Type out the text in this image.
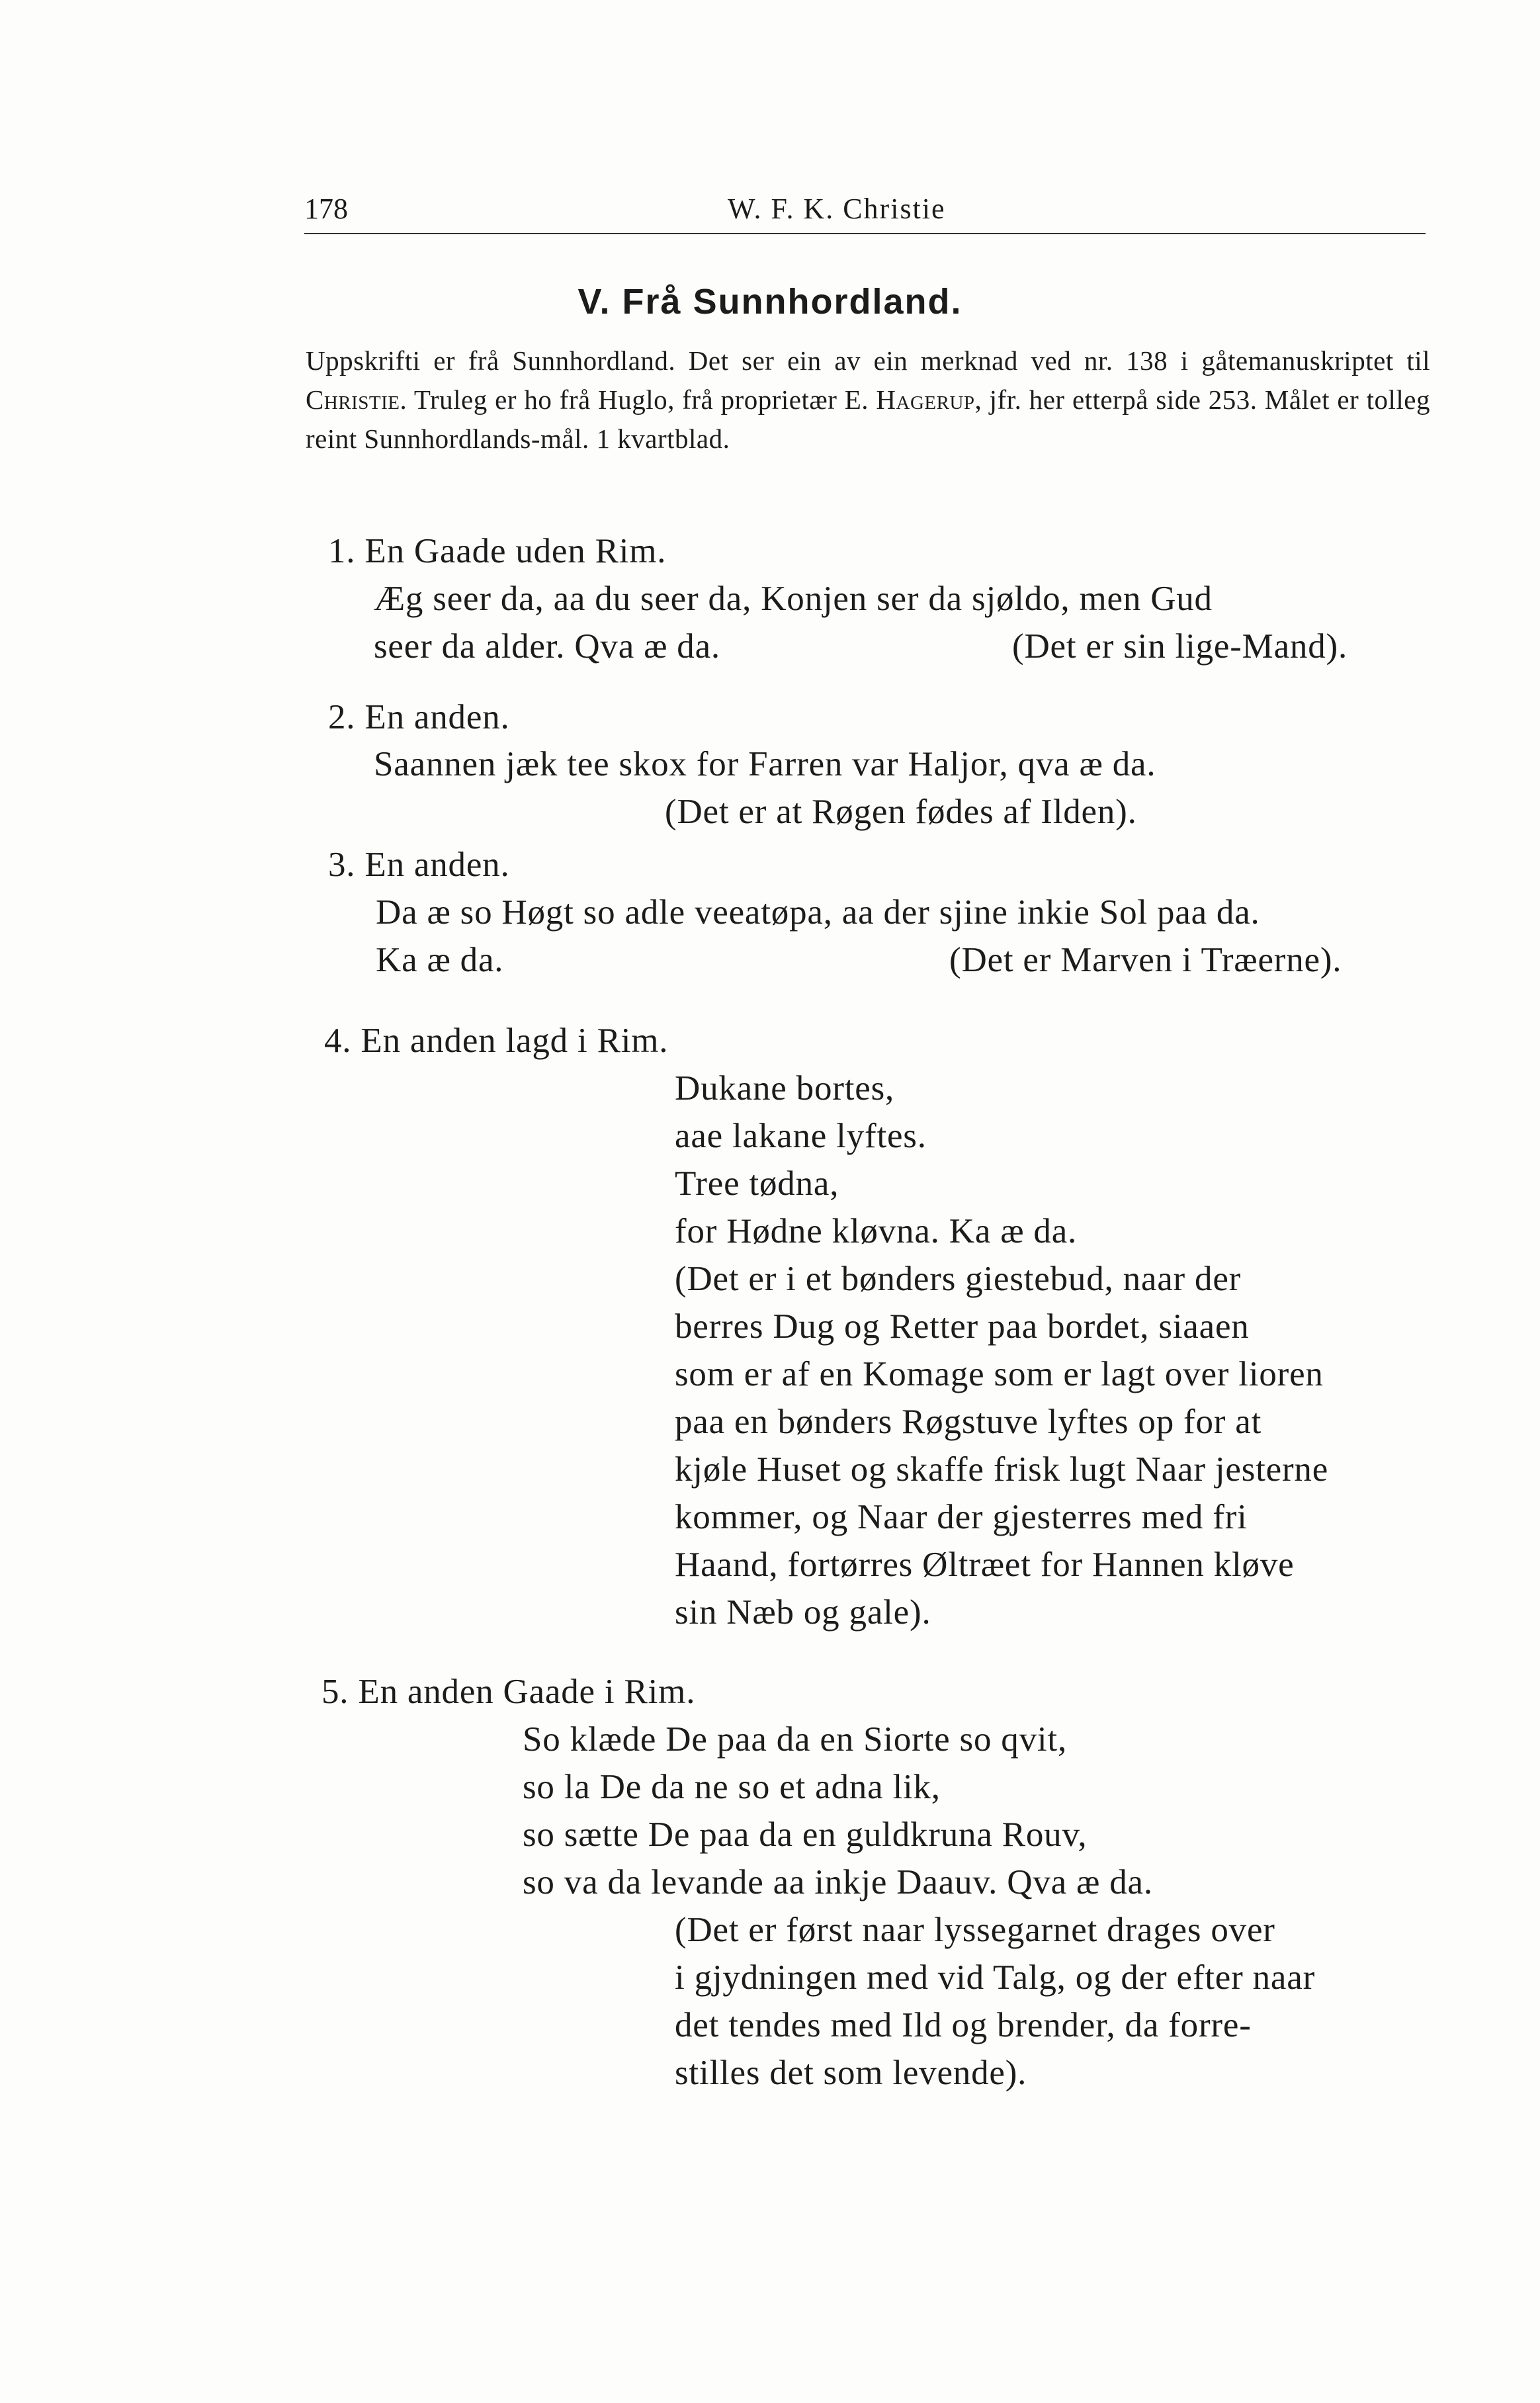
178	W. F. K. Christie
V. Frå Sunnhordland.
Uppskrifti er frå Sunnhordland. Det ser ein av ein merknad ved nr. 138 i gåtemanuskriptet til Christie. Truleg er ho frå Huglo, frå proprietær E. Hagerup, jfr. her etterpå side 253. Målet er tolleg reint Sunnhordlands-mål. 1 kvartblad.
1. En Gaade uden Rim.
Æg seer da, aa du seer da, Konjen ser da sjøldo, men Gud
seer da alder. Qva æ da.	(Det er sin lige-Mand).
2. En anden.
Saannen jæk tee skox for Farren var Haljor, qva æ da.
(Det er at Røgen fødes af Ilden).
3. En anden.
Da æ so Høgt so adle veeatøpa, aa der sjine inkie Sol paa da.
Ka æ da.	(Det er Marven i Træerne).
4. En anden lagd i Rim.
Dukane bortes,
aae lakane lyftes.
Tree tødna,
for Hødne kløvna. Ka æ da.
(Det er i et bønders giestebud, naar der
berres Dug og Retter paa bordet, siaaen
som er af en Komage som er lagt over lioren
paa en bønders Røgstuve lyftes op for at
kjøle Huset og skaffe frisk lugt Naar jesterne
kommer, og Naar der gjesterres med fri
Haand, fortørres Øltræet for Hannen kløve
sin Næb og gale).
5. En anden Gaade i Rim.
So klæde De paa da en Siorte so qvit,
so la De da ne so et adna lik,
so sætte De paa da en guldkruna Rouv,
so va da levande aa inkje Daauv. Qva æ da.
(Det er først naar lyssegarnet drages over
i gjydningen med vid Talg, og der efter naar
det tendes med Ild og brender, da forre-
stilles det som levende).
